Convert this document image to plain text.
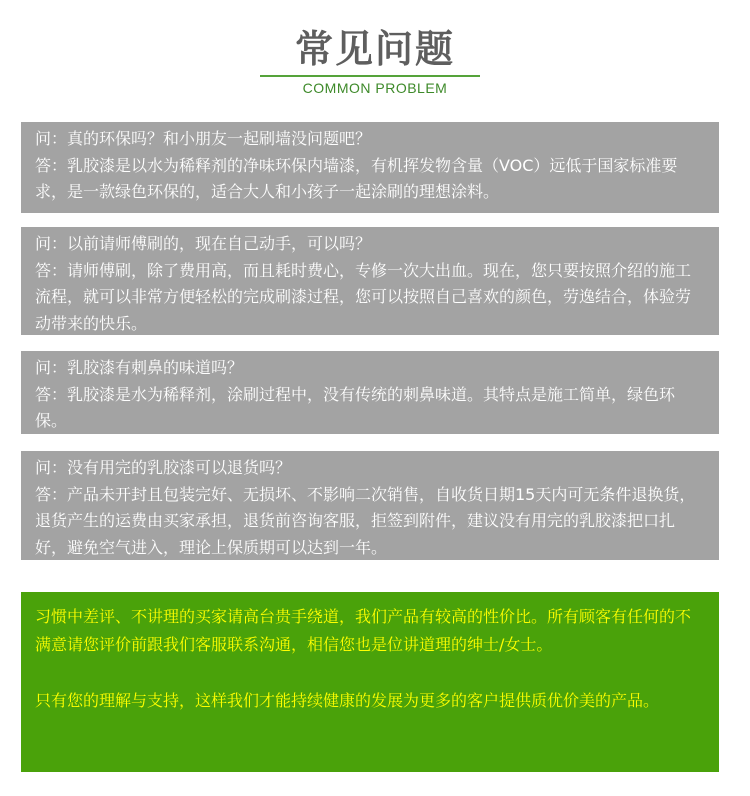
常见问题
COMMON PROBLEM
问：真的环保吗？和小朋友一起刷墙没问题吧？
答：乳胶漆是以水为稀释剂的净味环保内墙漆，有机挥发物含量（VOC）远低于国家标准要求，是一款绿色环保的，适合大人和小孩子一起涂刷的理想涂料。
问：以前请师傅刷的，现在自己动手，可以吗？
答：请师傅刷，除了费用高，而且耗时费心，专修一次大出血。现在，您只要按照介绍的施工流程，就可以非常方便轻松的完成刷漆过程，您可以按照自己喜欢的颜色，劳逸结合，体验劳动带来的快乐。
问：乳胶漆有刺鼻的味道吗？
答：乳胶漆是水为稀释剂，涂刷过程中，没有传统的刺鼻味道。其特点是施工简单，绿色环保。
问：没有用完的乳胶漆可以退货吗？
答：产品未开封且包装完好、无损坏、不影响二次销售，自收货日期15天内可无条件退换货，退货产生的运费由买家承担，退货前咨询客服，拒签到附件，建议没有用完的乳胶漆把口扎好，避免空气进入，理论上保质期可以达到一年。

习惯中差评、不讲理的买家请高台贵手绕道，我们产品有较高的性价比。所有顾客有任何的不满意请您评价前跟我们客服联系沟通，相信您也是位讲道理的绅士/女士。

只有您的理解与支持，这样我们才能持续健康的发展为更多的客户提供质优价美的产品。
